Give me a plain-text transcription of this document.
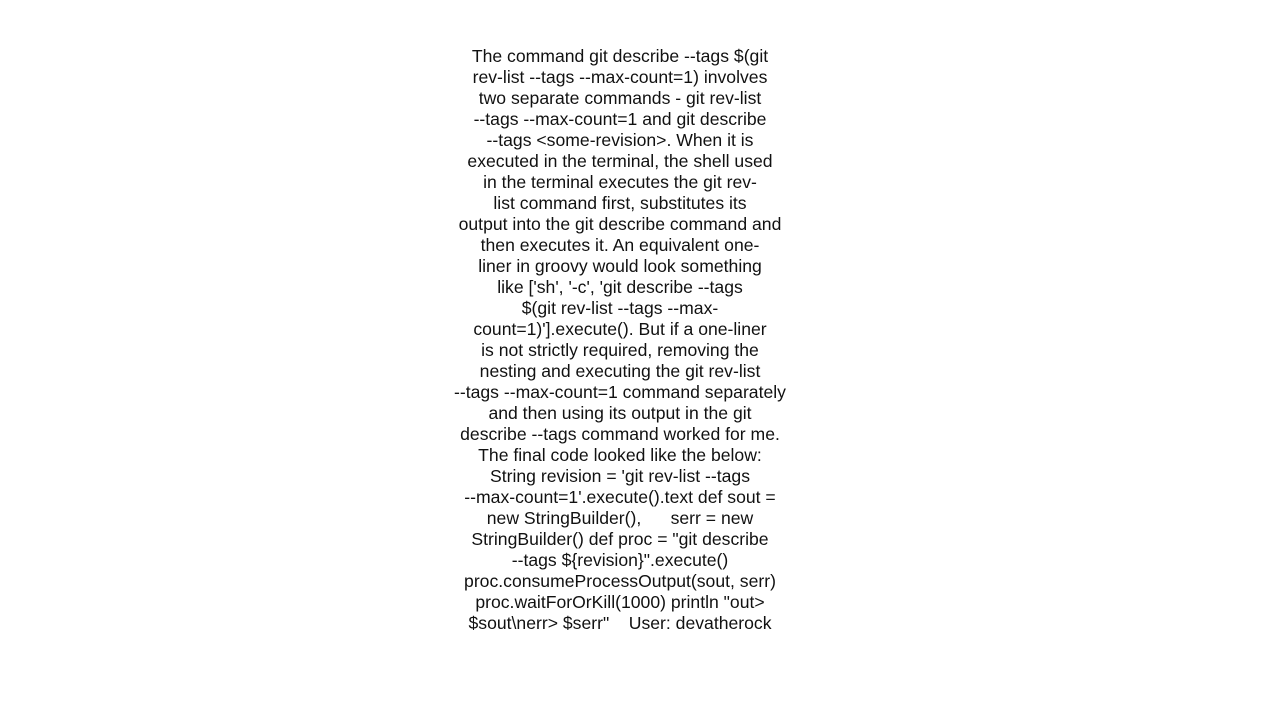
The command git describe --tags $(git
rev-list --tags --max-count=1) involves
two separate commands - git rev-list
--tags --max-count=1 and git describe
--tags <some-revision>. When it is
executed in the terminal, the shell used
in the terminal executes the git rev-
list command first, substitutes its
output into the git describe command and
then executes it. An equivalent one-
liner in groovy would look something
like ['sh', '-c', 'git describe --tags
$(git rev-list --tags --max-
count=1)'].execute(). But if a one-liner
is not strictly required, removing the
nesting and executing the git rev-list
--tags --max-count=1 command separately
and then using its output in the git
describe --tags command worked for me.
The final code looked like the below:
String revision = 'git rev-list --tags
--max-count=1'.execute().text def sout =
new StringBuilder(),      serr = new
StringBuilder() def proc = "git describe
--tags ${revision}".execute()
proc.consumeProcessOutput(sout, serr)
proc.waitForOrKill(1000) println "out>
$sout\nerr> $serr"    User: devatherock
